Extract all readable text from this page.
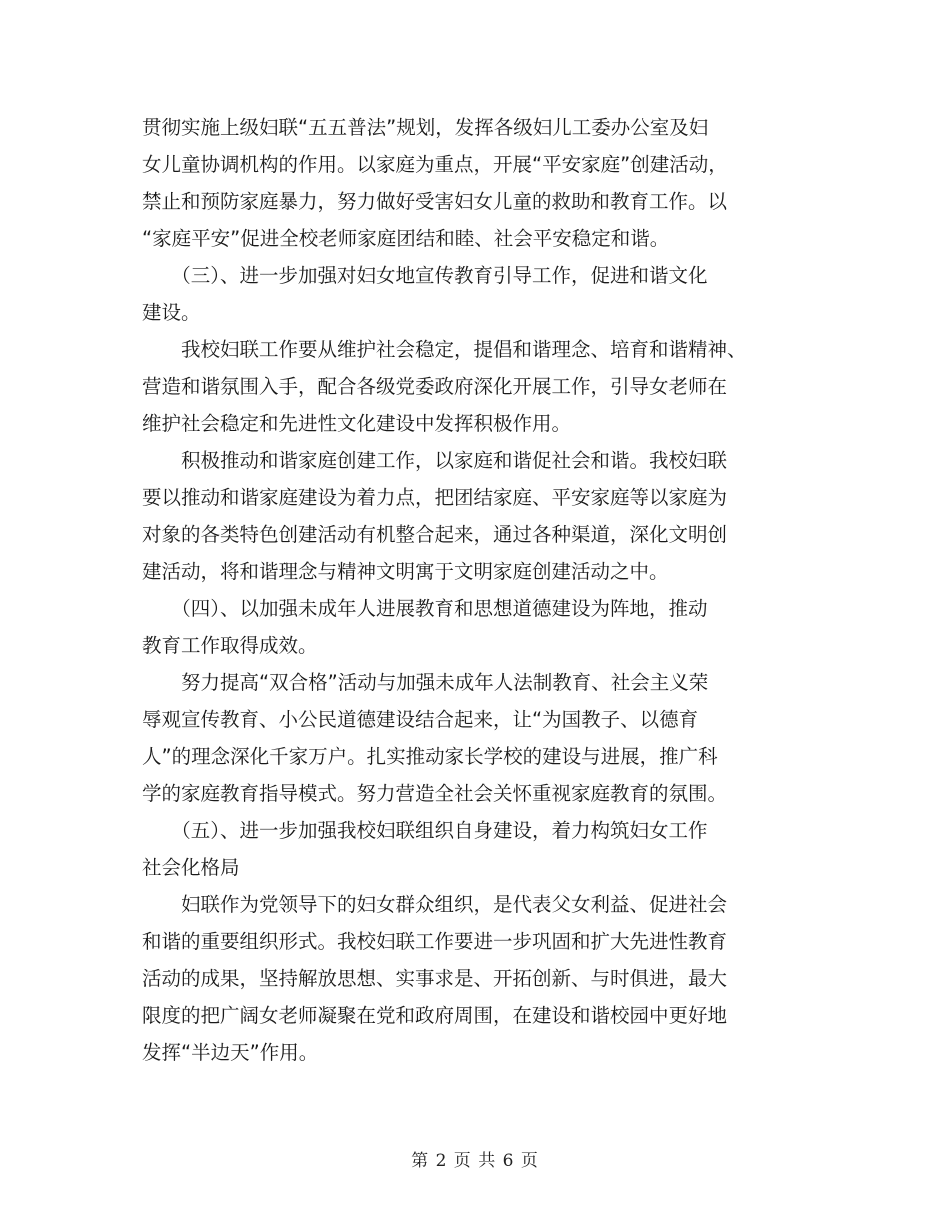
贯彻实施上级妇联“五五普法”规划，发挥各级妇儿工委办公室及妇
女儿童协调机构的作用。以家庭为重点，开展“平安家庭”创建活动，
禁止和预防家庭暴力，努力做好受害妇女儿童的救助和教育工作。以
“家庭平安”促进全校老师家庭团结和睦、社会平安稳定和谐。
　　（三）、进一步加强对妇女地宣传教育引导工作，促进和谐文化
建设。
　　我校妇联工作要从维护社会稳定，提倡和谐理念、培育和谐精神、
营造和谐氛围入手，配合各级党委政府深化开展工作，引导女老师在
维护社会稳定和先进性文化建设中发挥积极作用。
　　积极推动和谐家庭创建工作，以家庭和谐促社会和谐。我校妇联
要以推动和谐家庭建设为着力点，把团结家庭、平安家庭等以家庭为
对象的各类特色创建活动有机整合起来，通过各种渠道，深化文明创
建活动，将和谐理念与精神文明寓于文明家庭创建活动之中。
　　（四）、以加强未成年人进展教育和思想道德建设为阵地，推动
教育工作取得成效。
　　努力提高“双合格”活动与加强未成年人法制教育、社会主义荣
辱观宣传教育、小公民道德建设结合起来，让“为国教子、以德育
人”的理念深化千家万户。扎实推动家长学校的建设与进展，推广科
学的家庭教育指导模式。努力营造全社会关怀重视家庭教育的氛围。
　　（五）、进一步加强我校妇联组织自身建设，着力构筑妇女工作
社会化格局
　　妇联作为党领导下的妇女群众组织，是代表父女利益、促进社会
和谐的重要组织形式。我校妇联工作要进一步巩固和扩大先进性教育
活动的成果，坚持解放思想、实事求是、开拓创新、与时俱进，最大
限度的把广阔女老师凝聚在党和政府周围，在建设和谐校园中更好地
发挥“半边天”作用。
第 2 页 共 6 页
